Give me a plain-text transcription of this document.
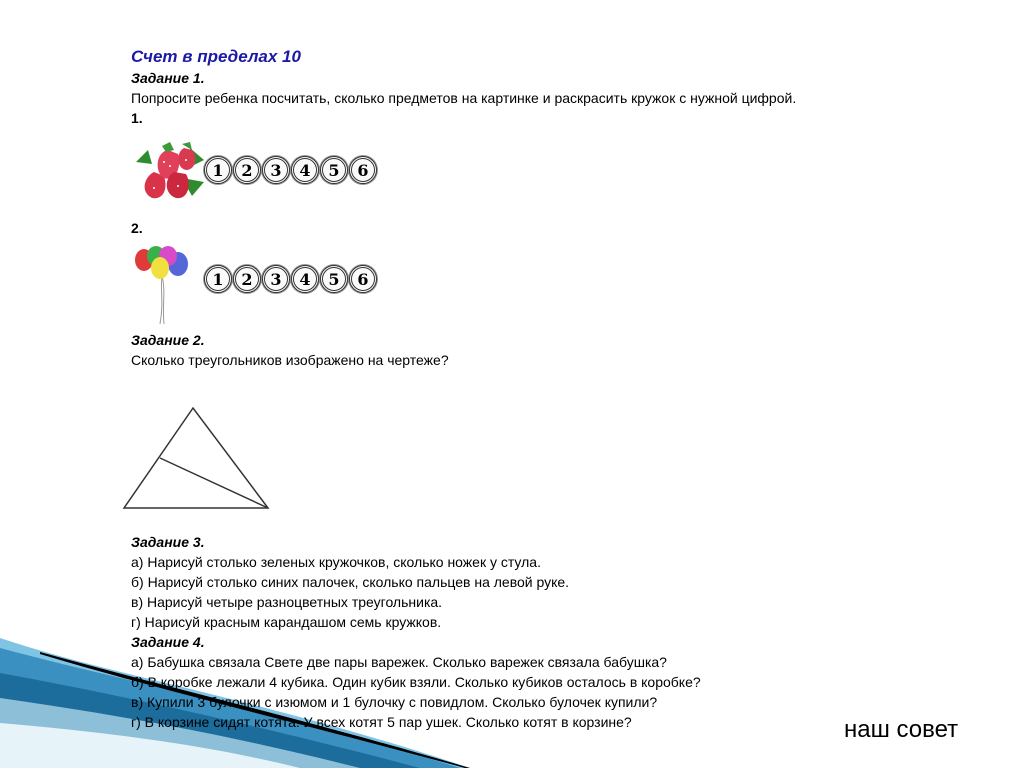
Счет в пределах 10
Задание 1.
Попросите ребенка посчитать, сколько предметов на картинке и раскрасить кружок с нужной цифрой.
1.
1	2	3	4	5	6
2.
1	2	3	4	5	6
Задание 2.
Сколько треугольников изображено на чертеже?
Задание 3.
а) Нарисуй столько зеленых кружочков, сколько ножек у стула.
б) Нарисуй столько синих палочек, сколько пальцев на левой руке.
в) Нарисуй четыре разноцветных треугольника.
г) Нарисуй красным карандашом семь кружков.
Задание 4.
а) Бабушка связала Свете две пары варежек. Сколько варежек связала бабушка?
б) В коробке лежали 4 кубика. Один кубик взяли. Сколько кубиков осталось в коробке?
в) Купили 3 булочки с изюмом и 1 булочку с повидлом. Сколько булочек купили?
г) В корзине сидят котята. У всех котят 5 пар ушек. Сколько котят в корзине?	наш совет
